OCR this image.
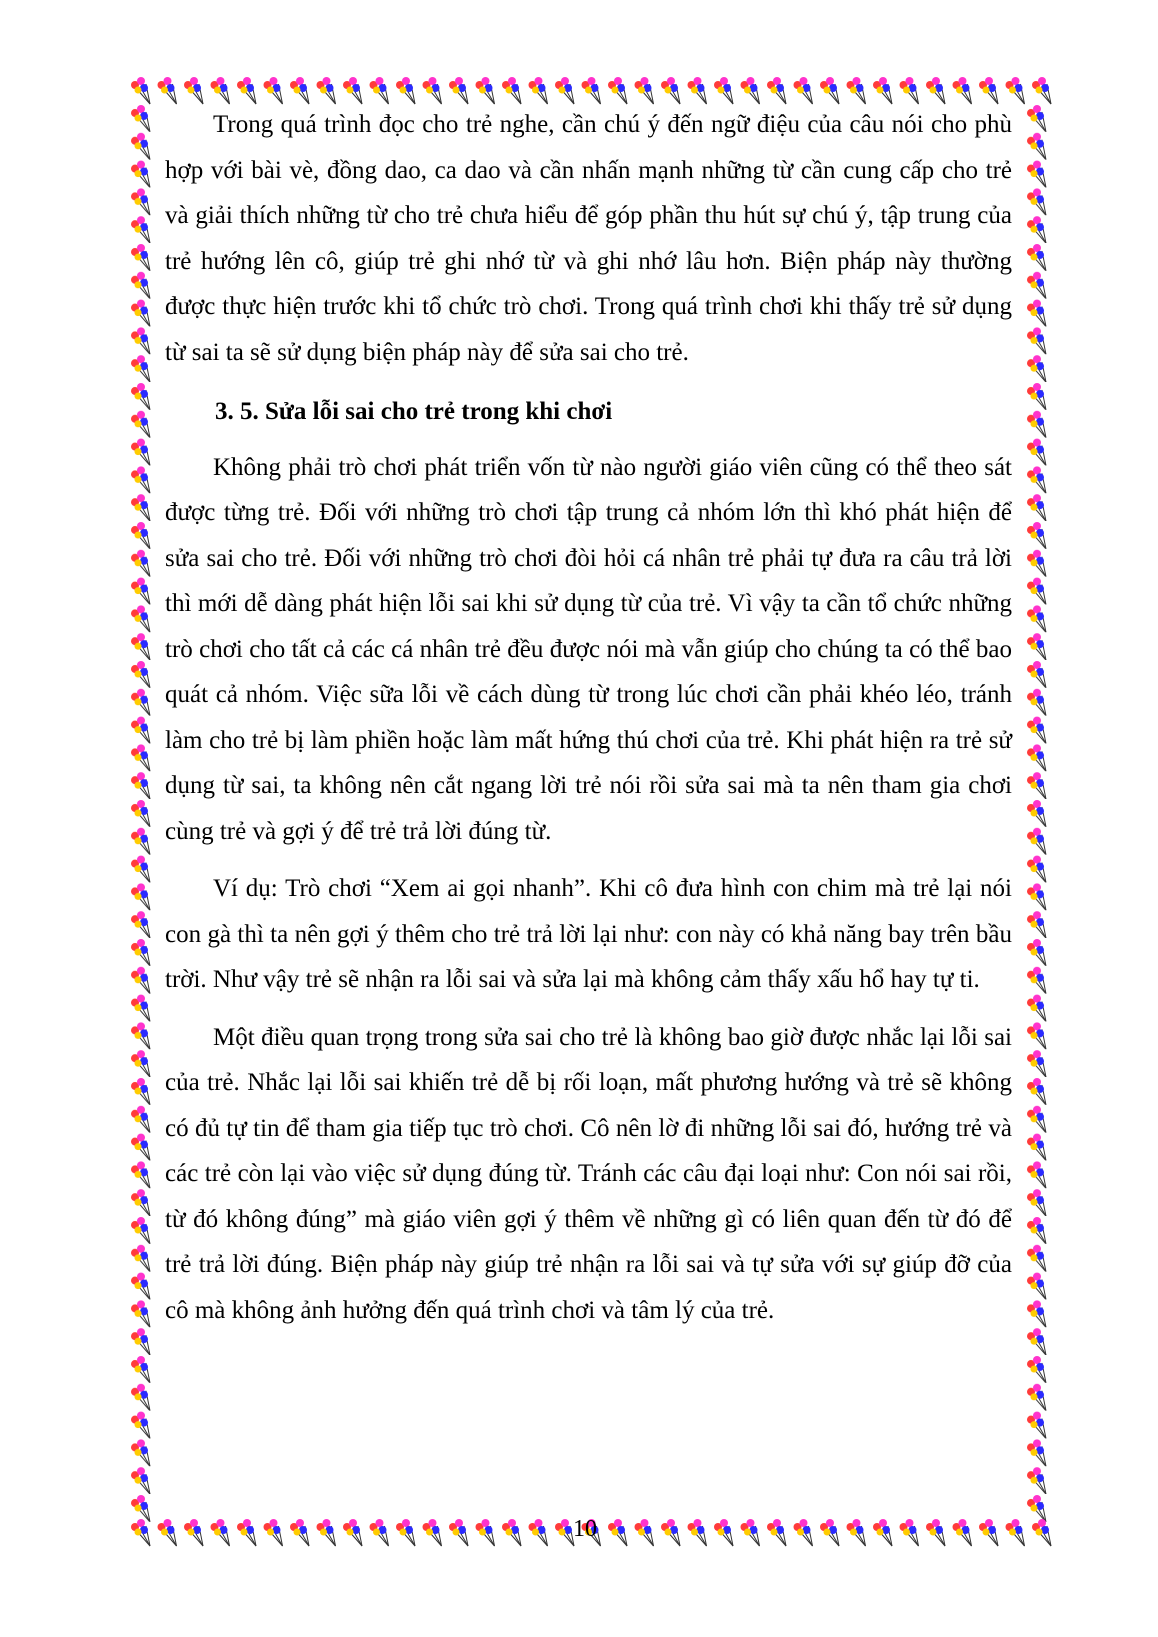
Trong quá trình đọc cho trẻ nghe, cần chú ý đến ngữ điệu của câu nói cho phù hợp với bài vè, đồng dao, ca dao và cần nhấn mạnh những từ cần cung cấp cho trẻ và giải thích những từ cho trẻ chưa hiểu để góp phần thu hút sự chú ý, tập trung của trẻ hướng lên cô, giúp trẻ ghi nhớ từ và ghi nhớ lâu hơn. Biện pháp này thường được thực hiện trước khi tổ chức trò chơi. Trong quá trình chơi khi thấy trẻ sử dụng từ sai ta sẽ sử dụng biện pháp này để sửa sai cho trẻ.

3. 5. Sửa lỗi sai cho trẻ trong khi chơi

Không phải trò chơi phát triển vốn từ nào người giáo viên cũng có thể theo sát được từng trẻ. Đối với những trò chơi tập trung cả nhóm lớn thì khó phát hiện để sửa sai cho trẻ. Đối với những trò chơi đòi hỏi cá nhân trẻ phải tự đưa ra câu trả lời thì mới dễ dàng phát hiện lỗi sai khi sử dụng từ của trẻ. Vì vậy ta cần tổ chức những trò chơi cho tất cả các cá nhân trẻ đều được nói mà vẫn giúp cho chúng ta có thể bao quát cả nhóm. Việc sữa lỗi về cách dùng từ trong lúc chơi cần phải khéo léo, tránh làm cho trẻ bị làm phiền hoặc làm mất hứng thú chơi của trẻ. Khi phát hiện ra trẻ sử dụng từ sai, ta không nên cắt ngang lời trẻ nói rồi sửa sai mà ta nên tham gia chơi cùng trẻ và gợi ý để trẻ trả lời đúng từ.

Ví dụ: Trò chơi “Xem ai gọi nhanh”. Khi cô đưa hình con chim mà trẻ lại nói con gà thì ta nên gợi ý thêm cho trẻ trả lời lại như: con này có khả năng bay trên bầu trời. Như vậy trẻ sẽ nhận ra lỗi sai và sửa lại mà không cảm thấy xấu hổ hay tự ti.

Một điều quan trọng trong sửa sai cho trẻ là không bao giờ được nhắc lại lỗi sai của trẻ. Nhắc lại lỗi sai khiến trẻ dễ bị rối loạn, mất phương hướng và trẻ sẽ không có đủ tự tin để tham gia tiếp tục trò chơi. Cô nên lờ đi những lỗi sai đó, hướng trẻ và các trẻ còn lại vào việc sử dụng đúng từ. Tránh các câu đại loại như: Con nói sai rồi, từ đó không đúng” mà giáo viên gợi ý thêm về những gì có liên quan đến từ đó để trẻ trả lời đúng. Biện pháp này giúp trẻ nhận ra lỗi sai và tự sửa với sự giúp đỡ của cô mà không ảnh hưởng đến quá trình chơi và tâm lý của trẻ.

10
